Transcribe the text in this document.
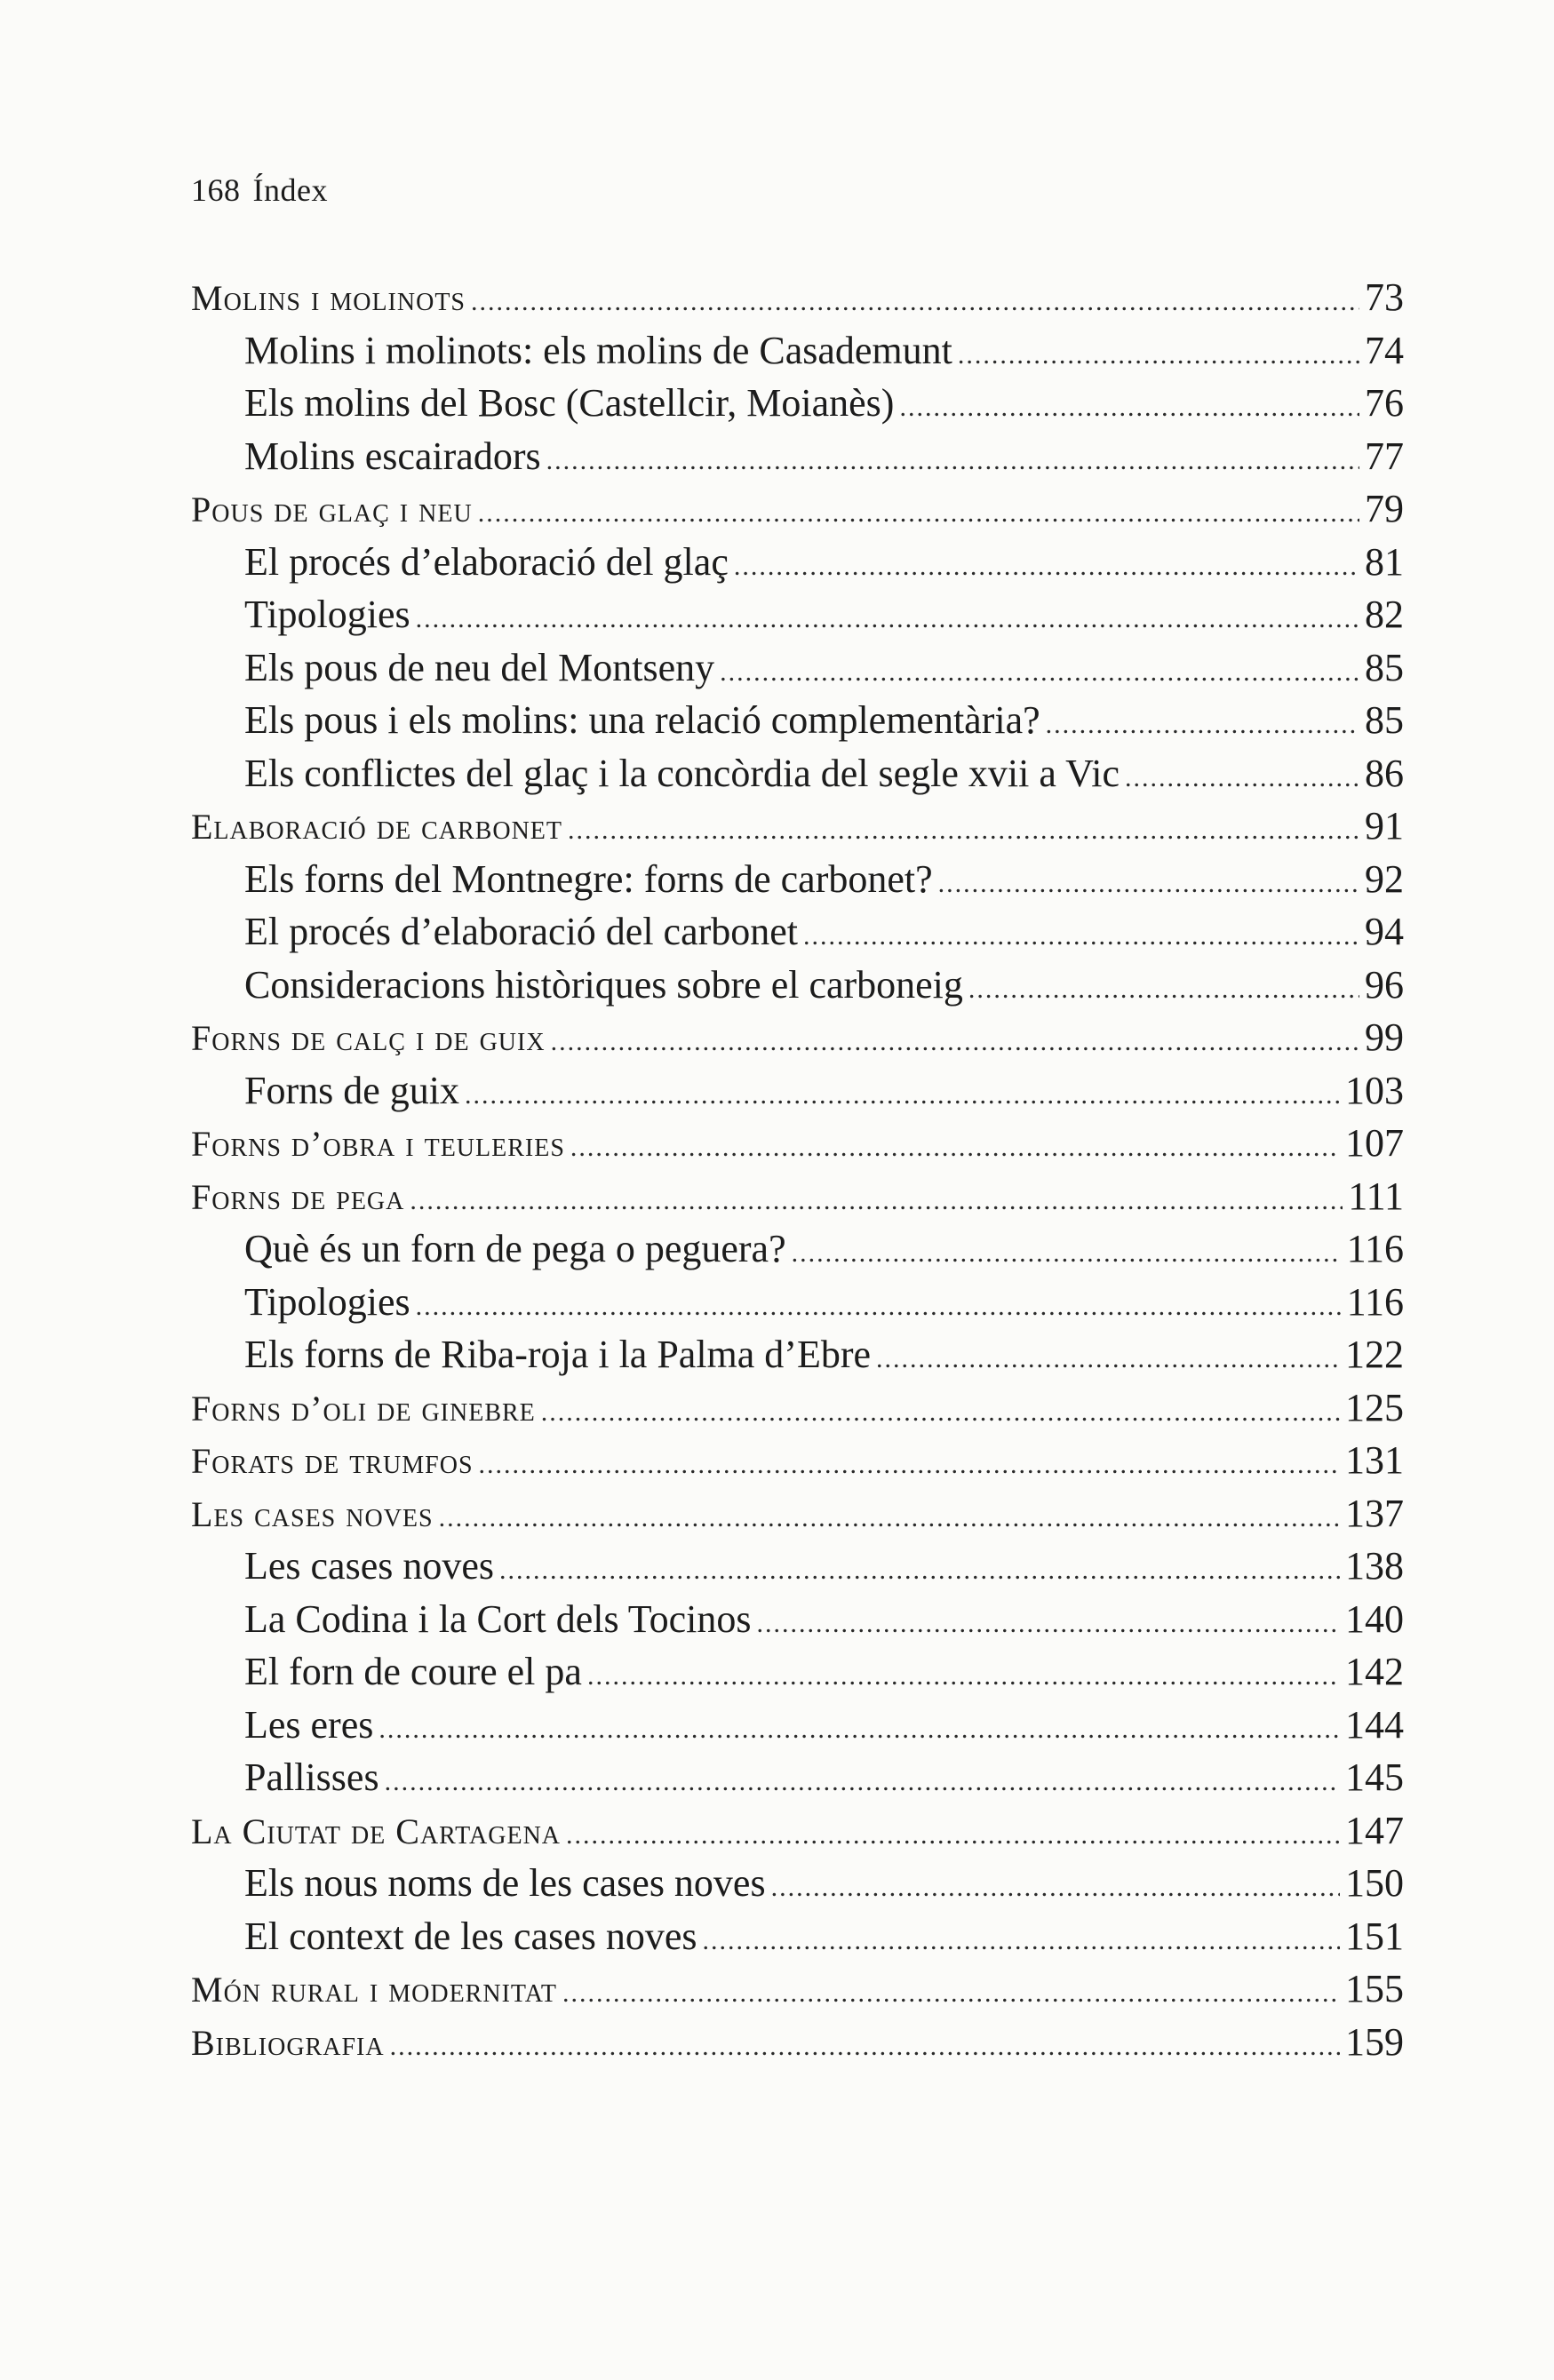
168 Índex
Molins i molinots .....	73
Molins i molinots: els molins de Casademunt .....	74
Els molins del Bosc (Castellcir, Moianès) .....	76
Molins escairadors .....	77
Pous de glaç i neu .....	79
El procés d’elaboració del glaç .....	81
Tipologies .....	82
Els pous de neu del Montseny .....	85
Els pous i els molins: una relació complementària? .....	85
Els conflictes del glaç i la concòrdia del segle xvii a Vic .....	86
Elaboració de carbonet .....	91
Els forns del Montnegre: forns de carbonet? .....	92
El procés d’elaboració del carbonet .....	94
Consideracions històriques sobre el carboneig .....	96
Forns de calç i de guix .....	99
Forns de guix .....	103
Forns d’obra i teuleries .....	107
Forns de pega .....	111
Què és un forn de pega o peguera? .....	116
Tipologies .....	116
Els forns de Riba-roja i la Palma d’Ebre .....	122
Forns d’oli de ginebre .....	125
Forats de trumfos .....	131
Les cases noves .....	137
Les cases noves .....	138
La Codina i la Cort dels Tocinos .....	140
El forn de coure el pa .....	142
Les eres .....	144
Pallisses .....	145
La Ciutat de Cartagena .....	147
Els nous noms de les cases noves .....	150
El context de les cases noves .....	151
Món rural i modernitat .....	155
Bibliografia .....	159
